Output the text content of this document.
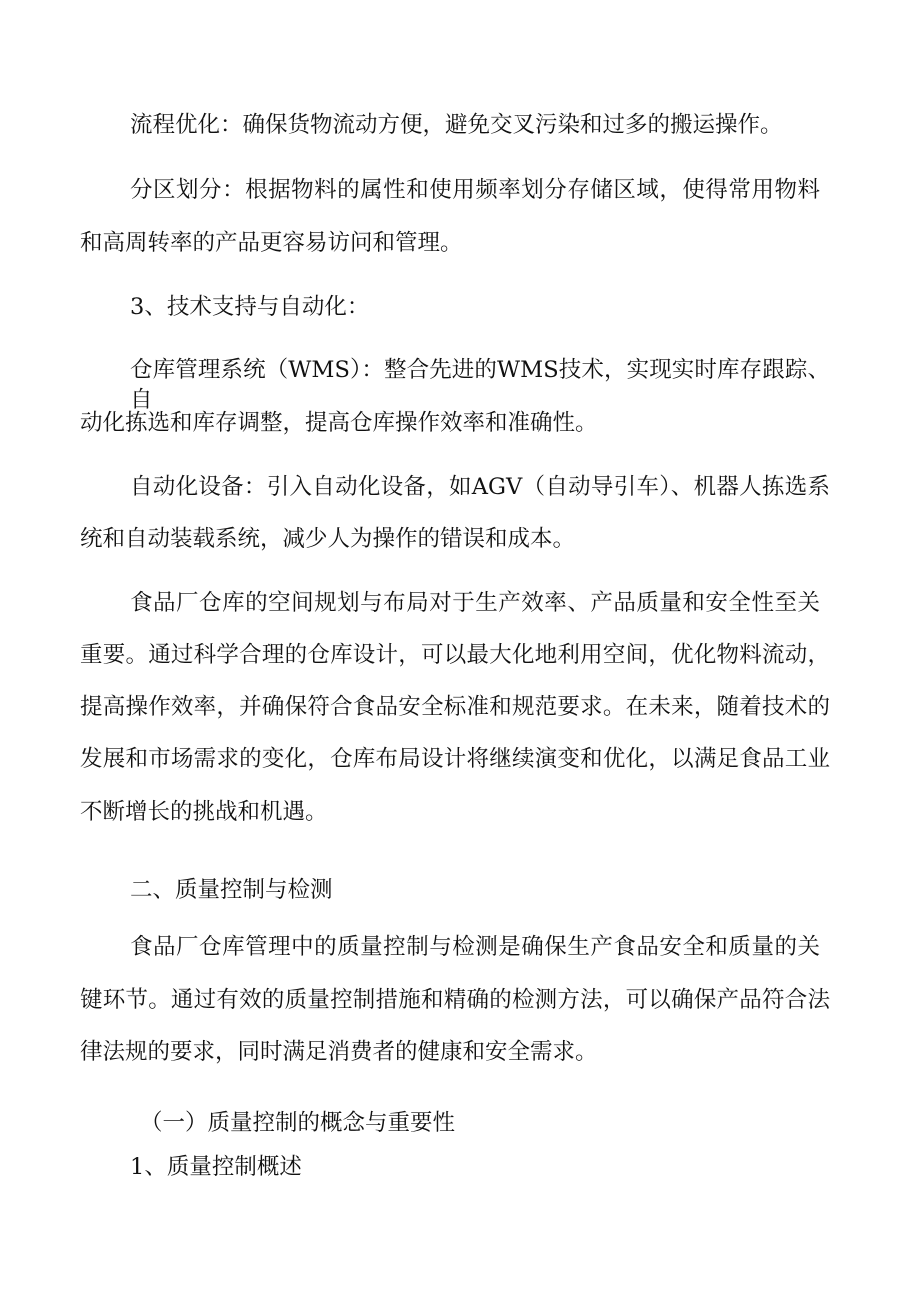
流程优化：确保货物流动方便，避免交叉污染和过多的搬运操作。
分区划分：根据物料的属性和使用频率划分存储区域，使得常用物料
和高周转率的产品更容易访问和管理。
3、技术支持与自动化：
仓库管理系统（WMS）：整合先进的WMS技术，实现实时库存跟踪、自
动化拣选和库存调整，提高仓库操作效率和准确性。
自动化设备：引入自动化设备，如AGV（自动导引车）、机器人拣选系
统和自动装载系统，减少人为操作的错误和成本。
食品厂仓库的空间规划与布局对于生产效率、产品质量和安全性至关
重要。通过科学合理的仓库设计，可以最大化地利用空间，优化物料流动，
提高操作效率，并确保符合食品安全标准和规范要求。在未来，随着技术的
发展和市场需求的变化，仓库布局设计将继续演变和优化，以满足食品工业
不断增长的挑战和机遇。
二、质量控制与检测
食品厂仓库管理中的质量控制与检测是确保生产食品安全和质量的关
键环节。通过有效的质量控制措施和精确的检测方法，可以确保产品符合法
律法规的要求，同时满足消费者的健康和安全需求。
（一）质量控制的概念与重要性
1、质量控制概述
